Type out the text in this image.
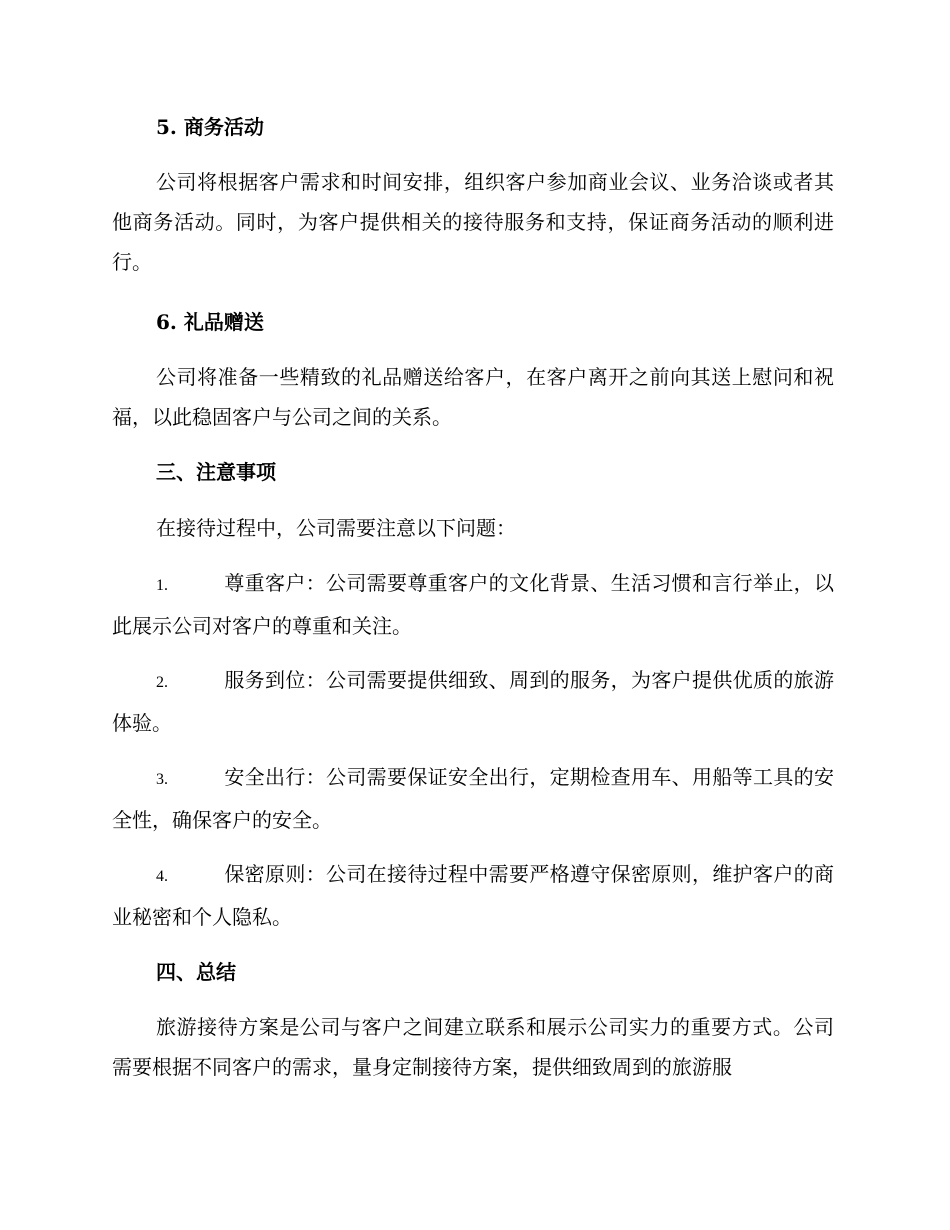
5. 商务活动
公司将根据客户需求和时间安排，组织客户参加商业会议、业务洽谈或者其他商务活动。同时，为客户提供相关的接待服务和支持，保证商务活动的顺利进行。
6. 礼品赠送
公司将准备一些精致的礼品赠送给客户，在客户离开之前向其送上慰问和祝福，以此稳固客户与公司之间的关系。
三、注意事项
在接待过程中，公司需要注意以下问题：
1.	尊重客户：公司需要尊重客户的文化背景、生活习惯和言行举止，以此展示公司对客户的尊重和关注。
2.	服务到位：公司需要提供细致、周到的服务，为客户提供优质的旅游体验。
3.	安全出行：公司需要保证安全出行，定期检查用车、用船等工具的安全性，确保客户的安全。
4.	保密原则：公司在接待过程中需要严格遵守保密原则，维护客户的商业秘密和个人隐私。
四、总结
旅游接待方案是公司与客户之间建立联系和展示公司实力的重要方式。公司需要根据不同客户的需求，量身定制接待方案，提供细致周到的旅游服
